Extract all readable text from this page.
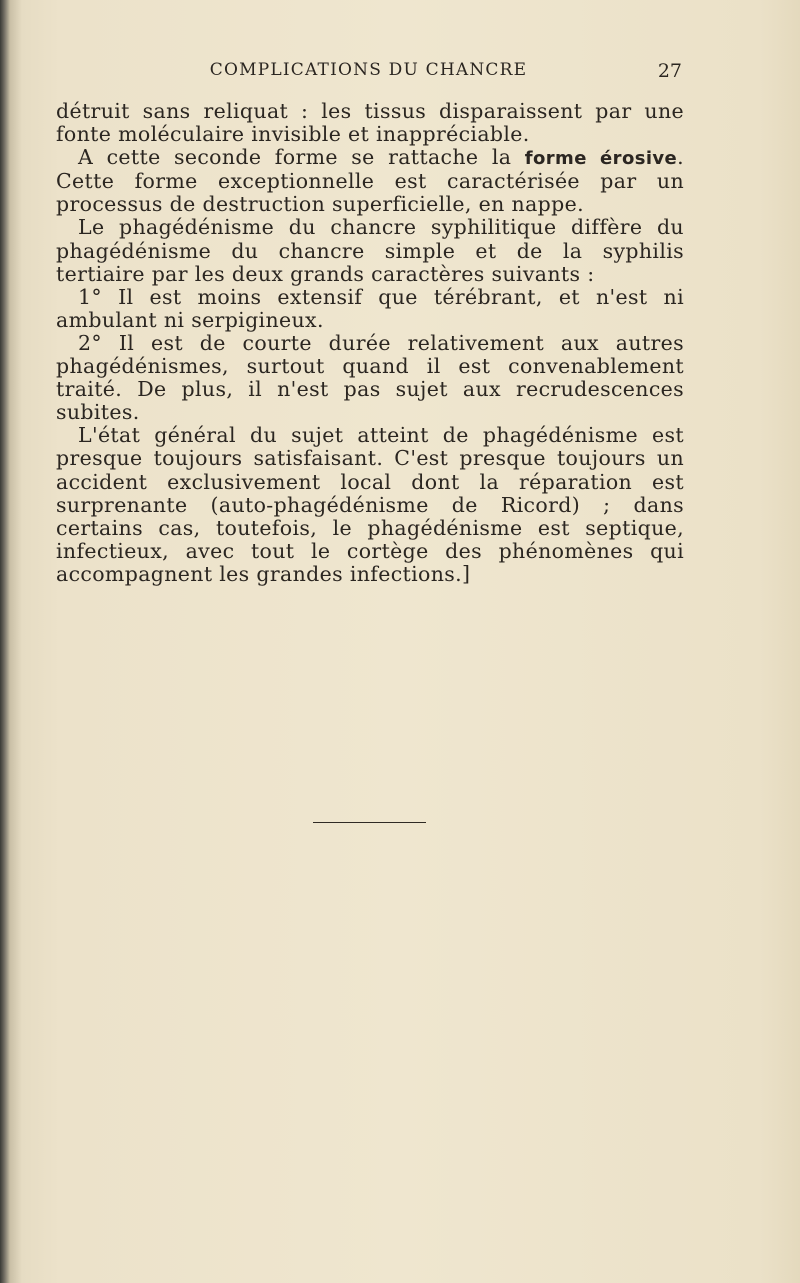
COMPLICATIONS DU CHANCRE	27

détruit sans reliquat : les tissus disparaissent par une fonte moléculaire invisible et inappréciable.

A cette seconde forme se rattache la forme érosive. Cette forme exceptionnelle est caractérisée par un processus de destruction superficielle, en nappe.

Le phagédénisme du chancre syphilitique diffère du phagédénisme du chancre simple et de la syphilis tertiaire par les deux grands caractères suivants :

1° Il est moins extensif que térébrant, et n'est ni ambulant ni serpigineux.

2° Il est de courte durée relativement aux autres phagédénismes, surtout quand il est convenablement traité. De plus, il n'est pas sujet aux recrudescences subites.

L'état général du sujet atteint de phagédénisme est presque toujours satisfaisant. C'est presque toujours un accident exclusivement local dont la réparation est surprenante (auto-phagédénisme de Ricord) ; dans certains cas, toutefois, le phagédénisme est septique, infectieux, avec tout le cortège des phénomènes qui accompagnent les grandes infections.]
